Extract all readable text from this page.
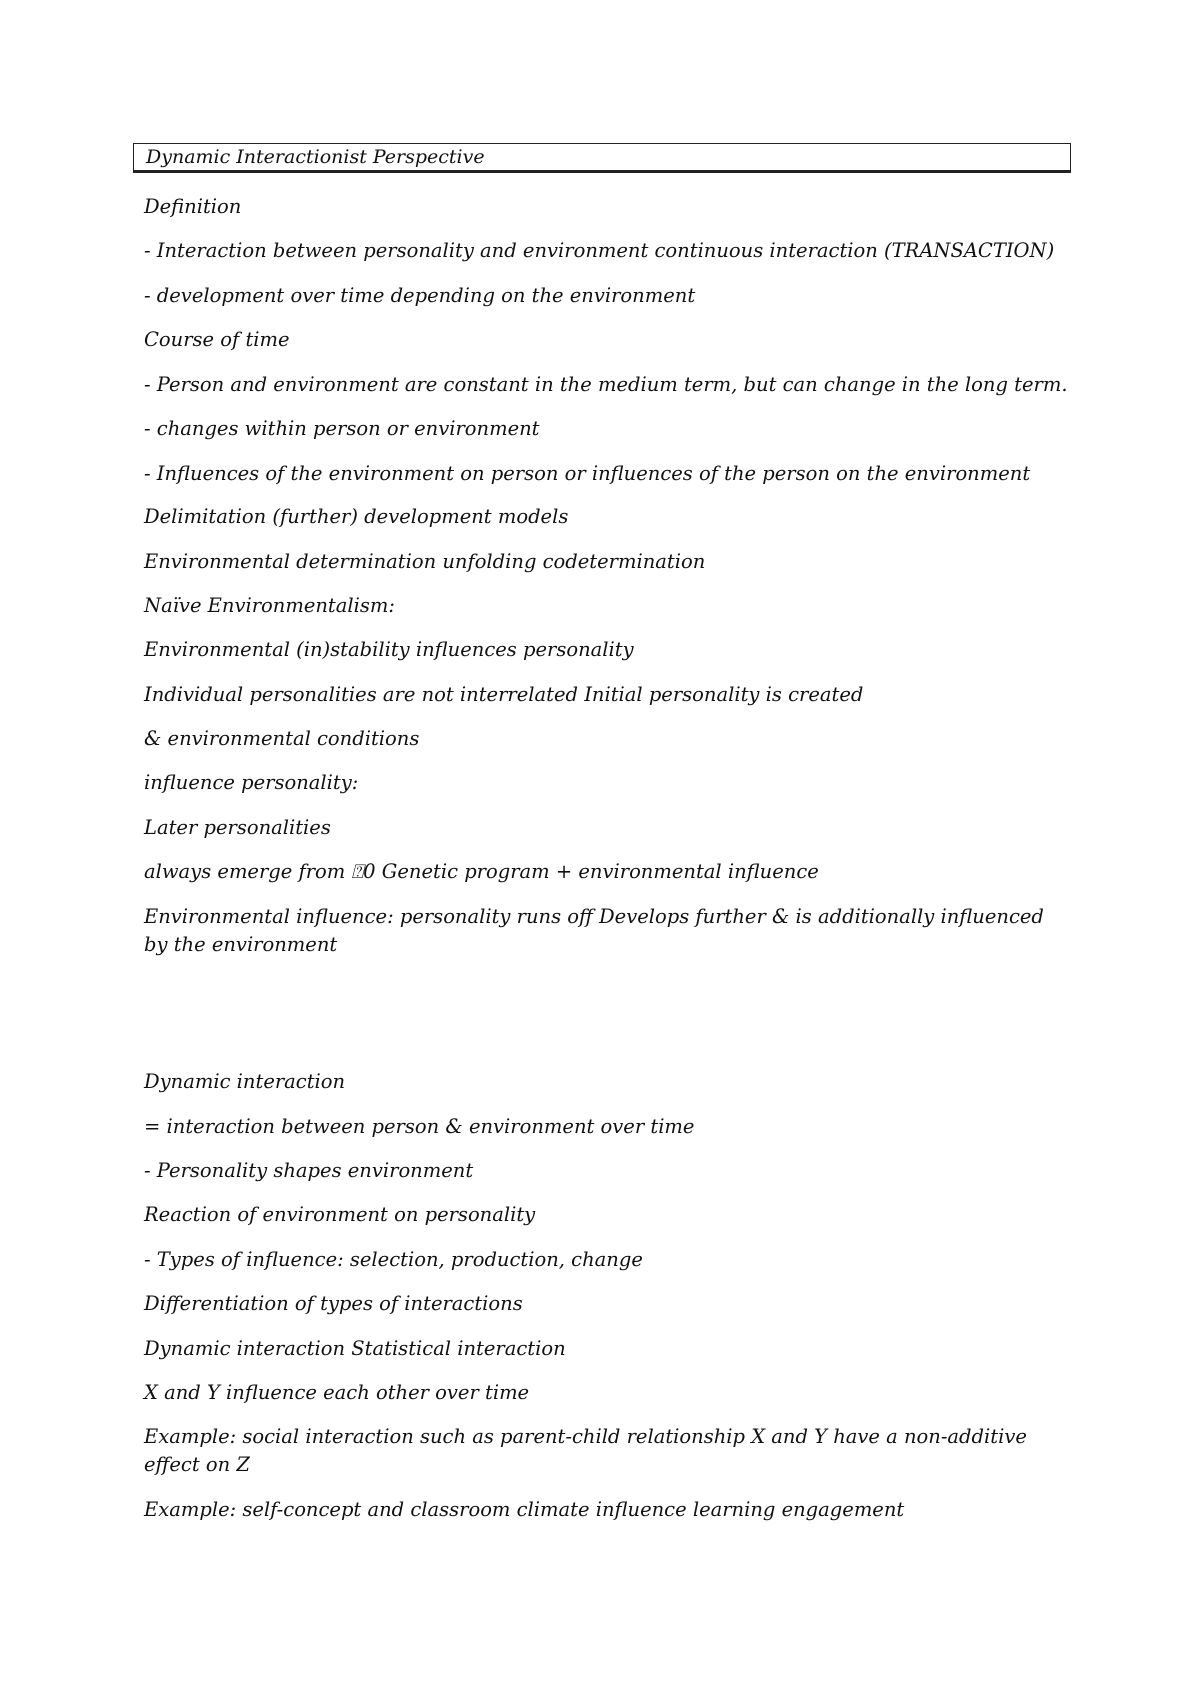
Dynamic Interactionist Perspective
Definition
- Interaction between personality and environment continuous interaction (TRANSACTION)
- development over time depending on the environment
Course of time
- Person and environment are constant in the medium term, but can change in the long term.
- changes within person or environment
- Influences of the environment on person or influences of the person on the environment
Delimitation (further) development models
Environmental determination unfolding codetermination
Naïve Environmentalism:
Environmental (in)stability influences personality
Individual personalities are not interrelated Initial personality is created
& environmental conditions
influence personality:
Later personalities
always emerge from ⍰0 Genetic program + environmental influence
Environmental influence: personality runs off Develops further & is additionally influenced by the environment
Dynamic interaction
= interaction between person & environment over time
- Personality shapes environment
Reaction of environment on personality
- Types of influence: selection, production, change
Differentiation of types of interactions
Dynamic interaction Statistical interaction
X and Y influence each other over time
Example: social interaction such as parent-child relationship X and Y have a non-additive effect on Z
Example: self-concept and classroom climate influence learning engagement
